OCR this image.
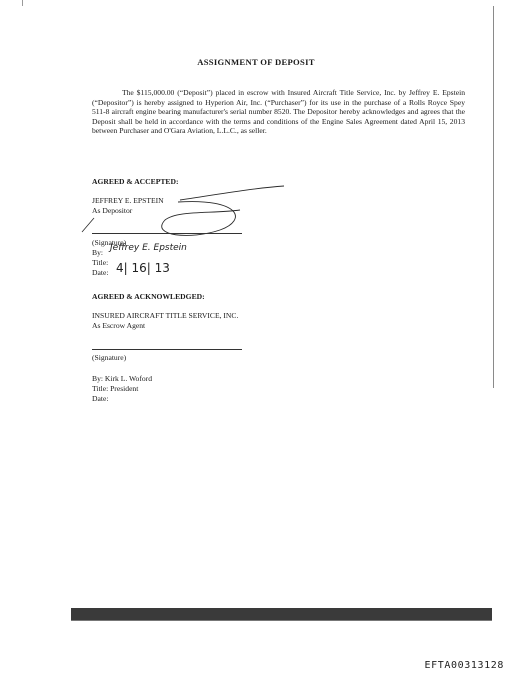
ASSIGNMENT OF DEPOSIT

The $115,000.00 (“Deposit”) placed in escrow with Insured Aircraft Title Service, Inc. by Jeffrey E. Epstein (“Depositor”) is hereby assigned to Hyperion Air, Inc. (“Purchaser”) for its use in the purchase of a Rolls Royce Spey 511-8 aircraft engine bearing manufacturer's serial number 8520. The Depositor hereby acknowledges and agrees that the Deposit shall be held in accordance with the terms and conditions of the Engine Sales Agreement dated April 15, 2013 between Purchaser and O'Gara Aviation, L.L.C., as seller.

AGREED & ACCEPTED:
JEFFREY E. EPSTEIN
As Depositor
(Signature)
By: Jeffrey E. Epstein
Title:
Date: 4| 16| 13
AGREED & ACKNOWLEDGED:
INSURED AIRCRAFT TITLE SERVICE, INC.
As Escrow Agent
(Signature)
By: Kirk L. Woford
Title: President
Date:
EFTA00313128
